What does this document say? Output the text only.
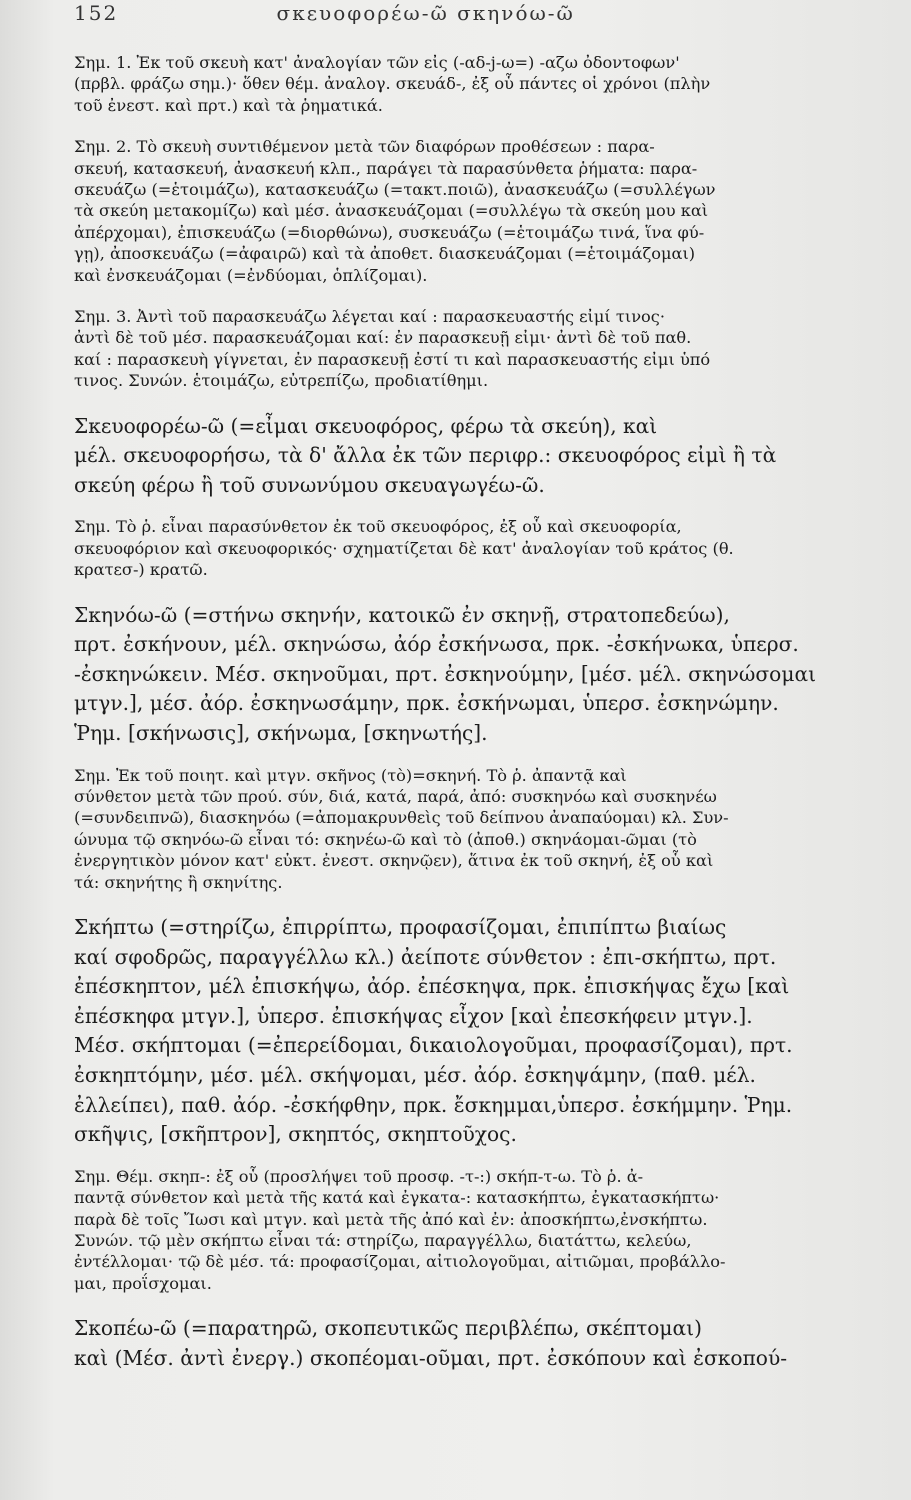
152	σκευοφορέω-ῶ σκηνόω-ῶ
Σημ. 1. Ἐκ τοῦ σκευὴ κατ' ἀναλογίαν τῶν εἰς (-αδ-j-ω=) -αζω ὀδοντοφων'
(πρβλ. φράζω σημ.)· ὅθεν θέμ. ἀναλογ. σκευάδ-, ἐξ οὗ πάντες οἱ χρόνοι (πλὴν
τοῦ ἐνεστ. καὶ πρτ.) καὶ τὰ ῥηματικά.
Σημ. 2. Τὸ σκευὴ συντιθέμενον μετὰ τῶν διαφόρων προθέσεων : παρα-
σκευή, κατασκευή, ἀνασκευή κλπ., παράγει τὰ παρασύνθετα ῥήματα: παρα-
σκευάζω (=ἑτοιμάζω), κατασκευάζω (=τακτ.ποιῶ), ἀνασκευάζω (=συλλέγων
τὰ σκεύη μετακομίζω) καὶ μέσ. ἀνασκευάζομαι (=συλλέγω τὰ σκεύη μου καὶ
ἀπέρχομαι), ἐπισκευάζω (=διορθώνω), συσκευάζω (=ἑτοιμάζω τινά, ἵνα φύ-
γῃ), ἀποσκευάζω (=ἀφαιρῶ) καὶ τὰ ἀποθετ. διασκευάζομαι (=ἑτοιμάζομαι)
καὶ ἐνσκευάζομαι (=ἐνδύομαι, ὁπλίζομαι).
Σημ. 3. Ἀντὶ τοῦ παρασκευάζω λέγεται καί : παρασκευαστής εἰμί τινος·
ἀντὶ δὲ τοῦ μέσ. παρασκευάζομαι καί: ἐν παρασκευῇ εἰμι· ἀντὶ δὲ τοῦ παθ.
καί : παρασκευὴ γίγνεται, ἐν παρασκευῇ ἐστί τι καὶ παρασκευαστής εἰμι ὑπό
τινος. Συνών. ἑτοιμάζω, εὐτρεπίζω, προδιατίθημι.
Σκευοφορέω-ῶ (=εἶμαι σκευοφόρος, φέρω τὰ σκεύη), καὶ
μέλ. σκευοφορήσω, τὰ δ' ἄλλα ἐκ τῶν περιφρ.: σκευοφόρος εἰμὶ ἢ τὰ
σκεύη φέρω ἢ τοῦ συνωνύμου σκευαγωγέω-ῶ.
Σημ. Τὸ ῥ. εἶναι παρασύνθετον ἐκ τοῦ σκευοφόρος, ἐξ οὗ καὶ σκευοφορία,
σκευοφόριον καὶ σκευοφορικός· σχηματίζεται δὲ κατ' ἀναλογίαν τοῦ κράτος (θ.
κρατεσ-) κρατῶ.
Σκηνόω-ῶ (=στήνω σκηνήν, κατοικῶ ἐν σκηνῇ, στρατοπεδεύω),
πρτ. ἐσκήνουν, μέλ. σκηνώσω, ἀόρ ἐσκήνωσα, πρκ. -ἐσκήνωκα, ὑπερσ.
-ἐσκηνώκειν. Μέσ. σκηνοῦμαι, πρτ. ἐσκηνούμην, [μέσ. μέλ. σκηνώσομαι
μτγν.], μέσ. ἀόρ. ἐσκηνωσάμην, πρκ. ἐσκήνωμαι, ὑπερσ. ἐσκηνώμην.
Ῥημ. [σκήνωσις], σκήνωμα, [σκηνωτής].
Σημ. Ἐκ τοῦ ποιητ. καὶ μτγν. σκῆνος (τὸ)=σκηνή. Τὸ ῥ. ἀπαντᾷ καὶ
σύνθετον μετὰ τῶν πρού. σύν, διά, κατά, παρά, ἀπό: συσκηνόω καὶ συσκηνέω
(=συνδειπνῶ), διασκηνόω (=ἀπομακρυνθεὶς τοῦ δείπνου ἀναπαύομαι) κλ. Συν-
ώνυμα τῷ σκηνόω-ῶ εἶναι τό: σκηνέω-ῶ καὶ τὸ (ἀποθ.) σκηνάομαι-ῶμαι (τὸ
ἐνεργητικὸν μόνον κατ' εὐκτ. ἐνεστ. σκηνῷεν), ἅτινα ἐκ τοῦ σκηνή, ἐξ οὗ καὶ
τά: σκηνήτης ἢ σκηνίτης.
Σκήπτω (=στηρίζω, ἐπιρρίπτω, προφασίζομαι, ἐπιπίπτω βιαίως
καί σφοδρῶς, παραγγέλλω κλ.) ἀείποτε σύνθετον : ἐπι-σκήπτω, πρτ.
ἐπέσκηπτον, μέλ ἐπισκήψω, ἀόρ. ἐπέσκηψα, πρκ. ἐπισκήψας ἔχω [καὶ
ἐπέσκηφα μτγν.], ὑπερσ. ἐπισκήψας εἶχον [καὶ ἐπεσκήφειν μτγν.].
Μέσ. σκήπτομαι (=ἐπερείδομαι, δικαιολογοῦμαι, προφασίζομαι), πρτ.
ἐσκηπτόμην, μέσ. μέλ. σκήψομαι, μέσ. ἀόρ. ἐσκηψάμην, (παθ. μέλ.
ἐλλείπει), παθ. ἀόρ. -ἐσκήφθην, πρκ. ἔσκημμαι,ὑπερσ. ἐσκήμμην. Ῥημ.
σκῆψις, [σκῆπτρον], σκηπτός, σκηπτοῦχος.
Σημ. Θέμ. σκηπ-: ἐξ οὗ (προσλήψει τοῦ προσφ. -τ-:) σκήπ-τ-ω. Τὸ ῥ. ἀ-
παντᾷ σύνθετον καὶ μετὰ τῆς κατά καὶ ἐγκατα-: κατασκήπτω, ἐγκατασκήπτω·
παρὰ δὲ τοῖς Ἴωσι καὶ μτγν. καὶ μετὰ τῆς ἀπό καὶ ἐν: ἀποσκήπτω,ἐνσκήπτω.
Συνών. τῷ μὲν σκήπτω εἶναι τά: στηρίζω, παραγγέλλω, διατάττω, κελεύω,
ἐντέλλομαι· τῷ δὲ μέσ. τά: προφασίζομαι, αἰτιολογοῦμαι, αἰτιῶμαι, προβάλλο-
μαι, προΐσχομαι.
Σκοπέω-ῶ (=παρατηρῶ, σκοπευτικῶς περιβλέπω, σκέπτομαι)
καὶ (Μέσ. ἀντὶ ἐνεργ.) σκοπέομαι-οῦμαι, πρτ. ἐσκόπουν καὶ ἐσκοπού-
